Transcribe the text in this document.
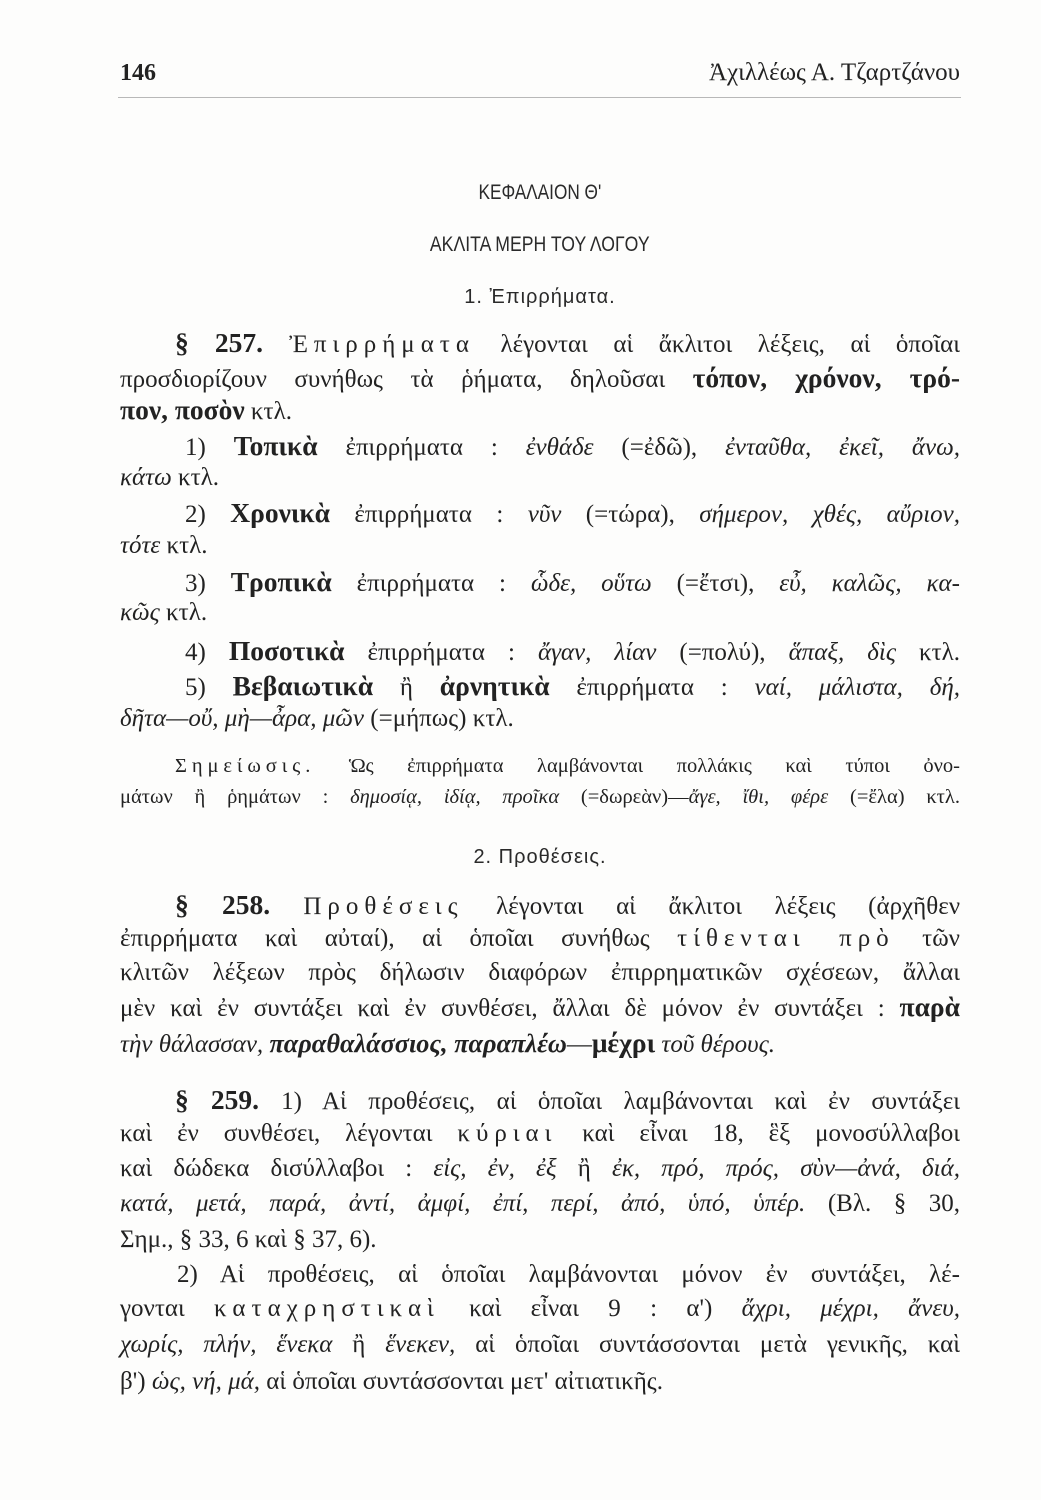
146	Ἀχιλλέως Α. Τζαρτζάνου
ΚΕΦΑΛΑΙΟΝ Θ'
ΑΚΛΙΤΑ ΜΕΡΗ ΤΟΥ ΛΟΓΟΥ
1. Ἐπιρρήματα.
2. Προθέσεις.
§ 257. Ἐπιρρήματα λέγονται αἱ ἄκλιτοι λέξεις, αἱ ὁποῖαι
προσδιορίζουν συνήθως τὰ ῥήματα, δηλοῦσαι τόπον, χρόνον, τρό-
πον, ποσὸν κτλ.
1) Τοπικὰ ἐπιρρήματα : ἐνθάδε (=ἐδῶ), ἐνταῦθα, ἐκεῖ, ἄνω,
κάτω κτλ.
2) Χρονικὰ ἐπιρρήματα : νῦν (=τώρα), σήμερον, χθές, αὔριον,
τότε κτλ.
3) Τροπικὰ ἐπιρρήματα : ὧδε, οὕτω (=ἔτσι), εὖ, καλῶς, κα-
κῶς κτλ.
4) Ποσοτικὰ ἐπιρρήματα : ἄγαν, λίαν (=πολύ), ἅπαξ, δὶς κτλ.
5) Βεβαιωτικὰ ἢ ἀρνητικὰ ἐπιρρήματα : ναί, μάλιστα, δή,
δῆτα—οὔ, μὴ—ἆρα, μῶν (=μήπως) κτλ.
Σημείωσις. Ὡς ἐπιρρήματα λαμβάνονται πολλάκις καὶ τύποι ὀνο-
μάτων ἢ ῥημάτων : δημοσίᾳ, ἰδίᾳ, προῖκα (=δωρεὰν)—ἄγε, ἴθι, φέρε (=ἔλα) κτλ.
§ 258. Προθέσεις λέγονται αἱ ἄκλιτοι λέξεις (ἀρχῆθεν
ἐπιρρήματα καὶ αὐταί), αἱ ὁποῖαι συνήθως τίθενται πρὸ τῶν
κλιτῶν λέξεων πρὸς δήλωσιν διαφόρων ἐπιρρηματικῶν σχέσεων, ἄλλαι
μὲν καὶ ἐν συντάξει καὶ ἐν συνθέσει, ἄλλαι δὲ μόνον ἐν συντάξει : παρὰ
τὴν θάλασσαν, παραθαλάσσιος, παραπλέω—μέχρι τοῦ θέρους.
§ 259. 1) Αἱ προθέσεις, αἱ ὁποῖαι λαμβάνονται καὶ ἐν συντάξει
καὶ ἐν συνθέσει, λέγονται κύριαι καὶ εἶναι 18, ἓξ μονοσύλλαβοι
καὶ δώδεκα δισύλλαβοι : εἰς, ἐν, ἐξ ἢ ἐκ, πρό, πρός, σὺν—ἀνά, διά,
κατά, μετά, παρά, ἀντί, ἀμφί, ἐπί, περί, ἀπό, ὑπό, ὑπέρ. (Βλ. § 30,
Σημ., § 33, 6 καὶ § 37, 6).
2) Αἱ προθέσεις, αἱ ὁποῖαι λαμβάνονται μόνον ἐν συντάξει, λέ-
γονται καταχρηστικαὶ καὶ εἶναι 9 : α') ἄχρι, μέχρι, ἄνευ,
χωρίς, πλήν, ἕνεκα ἢ ἕνεκεν, αἱ ὁποῖαι συντάσσονται μετὰ γενικῆς, καὶ
β') ὡς, νή, μά, αἱ ὁποῖαι συντάσσονται μετ' αἰτιατικῆς.
